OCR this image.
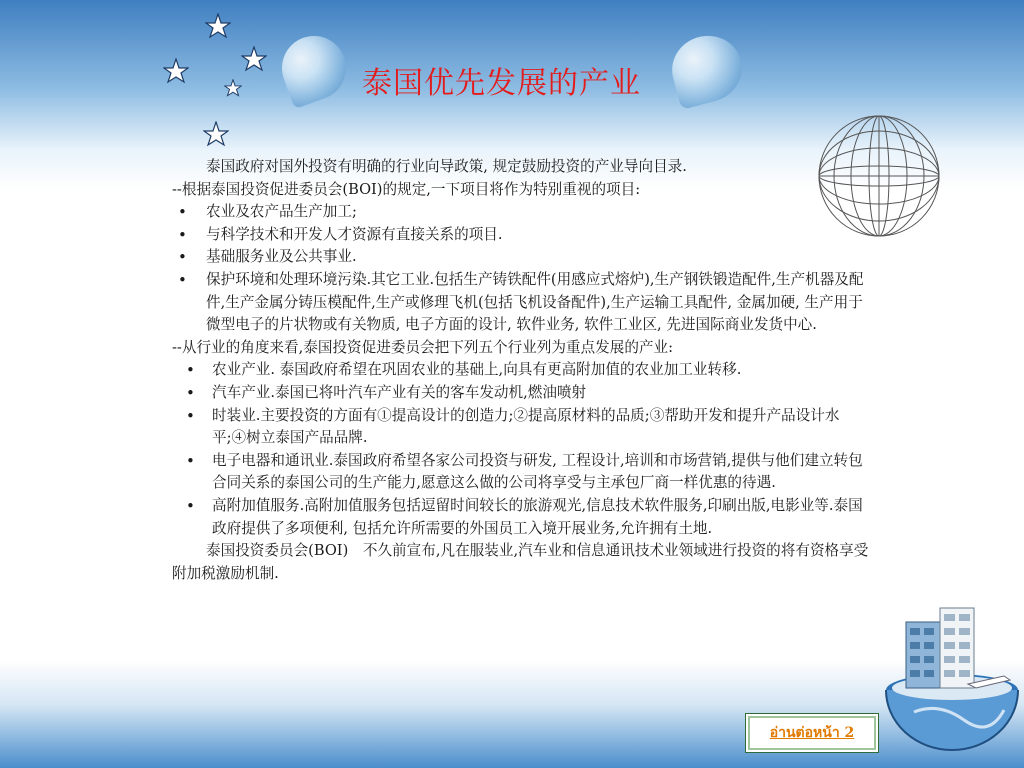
泰国优先发展的产业

泰国政府对国外投资有明确的行业向导政策, 规定鼓励投资的产业导向目录.

--根据泰国投资促进委员会(BOI)的规定,一下项目将作为特别重视的项目:

• 农业及农产品生产加工;
• 与科学技术和开发人才资源有直接关系的项目.
• 基础服务业及公共事业.
• 保护环境和处理环境污染.其它工业.包括生产铸铁配件(用感应式熔炉),生产钢铁锻造配件,生产机器及配件,生产金属分铸压模配件,生产或修理飞机(包括飞机设备配件),生产运输工具配件, 金属加硬, 生产用于微型电子的片状物或有关物质, 电子方面的设计, 软件业务, 软件工业区, 先进国际商业发货中心.

--从行业的角度来看,泰国投资促进委员会把下列五个行业列为重点发展的产业:

• 农业产业. 泰国政府希望在巩固农业的基础上,向具有更高附加值的农业加工业转移.
• 汽车产业.泰国已将叶汽车产业有关的客车发动机,燃油喷射
• 时装业.主要投资的方面有①提高设计的创造力;②提高原材料的品质;③帮助开发和提升产品设计水平;④树立泰国产品品牌.
• 电子电器和通讯业.泰国政府希望各家公司投资与研发, 工程设计,培训和市场营销,提供与他们建立转包合同关系的泰国公司的生产能力,愿意这么做的公司将享受与主承包厂商一样优惠的待遇.
• 高附加值服务.高附加值服务包括逗留时间较长的旅游观光,信息技术软件服务,印刷出版,电影业等.泰国政府提供了多项便利, 包括允许所需要的外国员工入境开展业务,允许拥有土地.

泰国投资委员会(BOI)　不久前宣布,凡在服装业,汽车业和信息通讯技术业领域进行投资的将有资格享受附加税激励机制.

อ่านต่อหน้า 2
